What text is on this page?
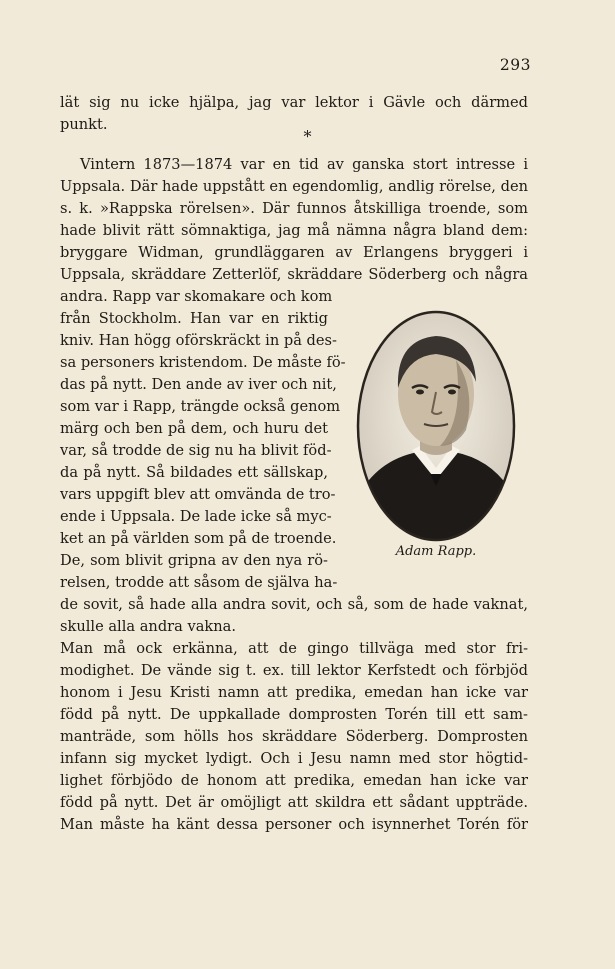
293
lät sig nu icke hjälpa, jag var lektor i Gävle och därmed
punkt.
*
Vintern 1873—1874 var en tid av ganska stort intresse i
Uppsala. Där hade uppstått en egendomlig, andlig rörelse, den
s. k. »Rappska rörelsen». Där funnos åtskilliga troende, som
hade blivit rätt sömnaktiga, jag må nämna några bland dem:
bryggare Widman, grundläggaren av Erlangens bryggeri i
Uppsala, skräddare Zetterlöf, skräddare Söderberg och några
andra. Rapp var skomakare och kom
från Stockholm. Han var en riktig
kniv. Han högg oförskräckt in på des-
sa personers kristendom. De måste fö-
das på nytt. Den ande av iver och nit,
som var i Rapp, trängde också genom
märg och ben på dem, och huru det
var, så trodde de sig nu ha blivit föd-
da på nytt. Så bildades ett sällskap,
vars uppgift blev att omvända de tro-
ende i Uppsala. De lade icke så myc-
ket an på världen som på de troende.
De, som blivit gripna av den nya rö-
relsen, trodde att såsom de själva ha-
Adam Rapp.
de sovit, så hade alla andra sovit, och så, som de hade vaknat,
skulle alla andra vakna.
Man må ock erkänna, att de gingo tillväga med stor fri-
modighet. De vände sig t. ex. till lektor Kerfstedt och förbjöd
honom i Jesu Kristi namn att predika, emedan han icke var
född på nytt. De uppkallade domprosten Torén till ett sam-
manträde, som hölls hos skräddare Söderberg. Domprosten
infann sig mycket lydigt. Och i Jesu namn med stor högtid-
lighet förbjödo de honom att predika, emedan han icke var
född på nytt. Det är omöjligt att skildra ett sådant uppträde.
Man måste ha känt dessa personer och isynnerhet Torén för
